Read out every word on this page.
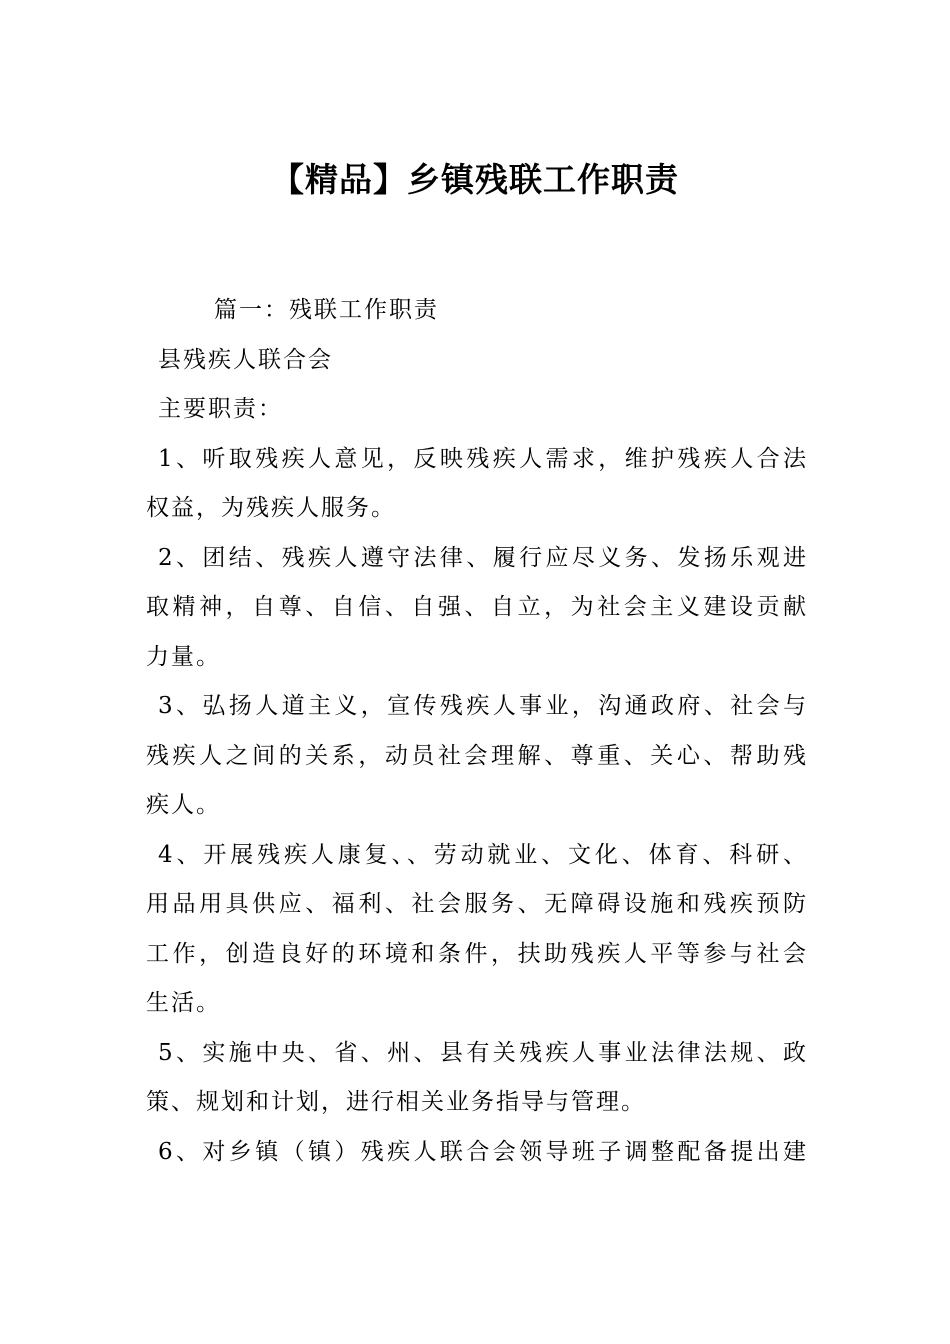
【精品】乡镇残联工作职责
篇一：残联工作职责
县残疾人联合会
主要职责：
1、听取残疾人意见，反映残疾人需求，维护残疾人合法
权益，为残疾人服务。
2、团结、残疾人遵守法律、履行应尽义务、发扬乐观进
取精神，自尊、自信、自强、自立，为社会主义建设贡献
力量。
3、弘扬人道主义，宣传残疾人事业，沟通政府、社会与
残疾人之间的关系，动员社会理解、尊重、关心、帮助残
疾人。
4、开展残疾人康复、、劳动就业、文化、体育、科研、
用品用具供应、福利、社会服务、无障碍设施和残疾预防
工作，创造良好的环境和条件，扶助残疾人平等参与社会
生活。
5、实施中央、省、州、县有关残疾人事业法律法规、政
策、规划和计划，进行相关业务指导与管理。
6、对乡镇（镇）残疾人联合会领导班子调整配备提出建
